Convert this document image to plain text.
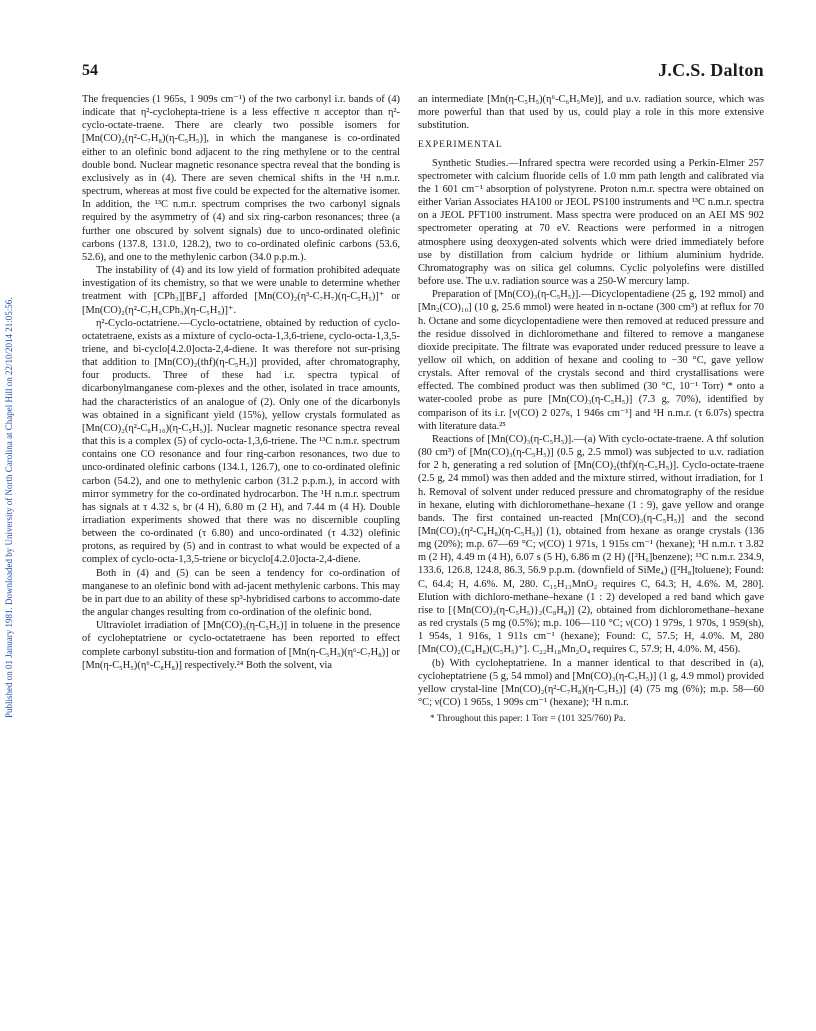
Published on 01 January 1981. Downloaded by University of North Carolina at Chapel Hill on 22/10/2014 21:05:56.
54	J.C.S. Dalton

The frequencies (1 965s, 1 909s cm⁻¹) of the two carbonyl i.r. bands of (4) indicate that η²-cyclohepta-triene is a less effective π acceptor than η²-cyclo-octate-traene. There are clearly two possible isomers for [Mn(CO)₂(η²-C₇H₈)(η-C₅H₅)], in which the manganese is co-ordinated either to an olefinic bond adjacent to the ring methylene or to the central double bond. Nuclear magnetic resonance spectra reveal that the bonding is exclusively as in (4). There are seven chemical shifts in the ¹H n.m.r. spectrum, whereas at most five could be expected for the alternative isomer. In addition, the ¹³C n.m.r. spectrum comprises the two carbonyl signals required by the asymmetry of (4) and six ring-carbon resonances; three (a further one obscured by solvent signals) due to unco-ordinated olefinic carbons (137.8, 131.0, 128.2), two to co-ordinated olefinic carbons (53.6, 52.6), and one to the methylenic carbon (34.0 p.p.m.).

The instability of (4) and its low yield of formation prohibited adequate investigation of its chemistry, so that we were unable to determine whether treatment with [CPh₃][BF₄] afforded [Mn(CO)₂(η³-C₇H₇)(η-C₅H₅)]⁺ or [Mn(CO)₂(η²-C₇H₆CPh₃)(η-C₅H₅)]⁺.

η²-Cyclo-octatriene.—Cyclo-octatriene, obtained by reduction of cyclo-octatetraene, exists as a mixture of cyclo-octa-1,3,6-triene, cyclo-octa-1,3,5-triene, and bi-cyclo[4.2.0]octa-2,4-diene. It was therefore not sur-prising that addition to [Mn(CO)₂(thf)(η-C₅H₅)] provided, after chromatography, four products. Three of these had i.r. spectra typical of dicarbonylmanganese com-plexes and the other, isolated in trace amounts, had the characteristics of an analogue of (2). Only one of the dicarbonyls was obtained in a significant yield (15%), yellow crystals formulated as [Mn(CO)₂(η²-C₈H₁₀)(η-C₅H₅)]. Nuclear magnetic resonance spectra reveal that this is a complex (5) of cyclo-octa-1,3,6-triene. The ¹³C n.m.r. spectrum contains one CO resonance and four ring-carbon resonances, two due to unco-ordinated olefinic carbons (134.1, 126.7), one to co-ordinated olefinic carbon (54.2), and one to methylenic carbon (31.2 p.p.m.), in accord with mirror symmetry for the co-ordinated hydrocarbon. The ¹H n.m.r. spectrum has signals at τ 4.32 s, br (4 H), 6.80 m (2 H), and 7.44 m (4 H). Double irradiation experiments showed that there was no discernible coupling between the co-ordinated (τ 6.80) and unco-ordinated (τ 4.32) olefinic protons, as required by (5) and in contrast to what would be expected of a complex of cyclo-octa-1,3,5-triene or bicyclo[4.2.0]octa-2,4-diene.

Both in (4) and (5) can be seen a tendency for co-ordination of manganese to an olefinic bond with ad-jacent methylenic carbons. This may be in part due to an ability of these sp³-hybridised carbons to accommo-date the angular changes resulting from co-ordination of the olefinic bond.

Ultraviolet irradiation of [Mn(CO)₃(η-C₅H₅)] in toluene in the presence of cycloheptatriene or cyclo-octatetraene has been reported to effect complete carbonyl substitu-tion and formation of [Mn(η-C₅H₅)(η⁶-C₇H₈)] or [Mn(η-C₅H₅)(η⁶-C₈H₈)] respectively.²⁴ Both the solvent, via

an intermediate [Mn(η-C₅H₅)(η⁶-C₆H₅Me)], and u.v. radiation source, which was more powerful than that used by us, could play a role in this more extensive substitution.

EXPERIMENTAL

Synthetic Studies.—Infrared spectra were recorded using a Perkin-Elmer 257 spectrometer with calcium fluoride cells of 1.0 mm path length and calibrated via the 1 601 cm⁻¹ absorption of polystyrene. Proton n.m.r. spectra were obtained on either Varian Associates HA100 or JEOL PS100 instruments and ¹³C n.m.r. spectra on a JEOL PFT100 instrument. Mass spectra were produced on an AEI MS 902 spectrometer operating at 70 eV. Reactions were performed in a nitrogen atmosphere using deoxygen-ated solvents which were dried immediately before use by distillation from calcium hydride or lithium aluminium hydride. Chromatography was on silica gel columns. Cyclic polyolefins were distilled before use. The u.v. radiation source was a 250-W mercury lamp.

Preparation of [Mn(CO)₃(η-C₅H₅)].—Dicyclopentadiene (25 g, 192 mmol) and [Mn₂(CO)₁₀] (10 g, 25.6 mmol) were heated in n-octane (300 cm³) at reflux for 70 h. Octane and some dicyclopentadiene were then removed at reduced pressure and the residue dissolved in dichloromethane and filtered to remove a manganese dioxide precipitate. The filtrate was evaporated under reduced pressure to leave a yellow oil which, on addition of hexane and cooling to −30 °C, gave yellow crystals. After removal of the crystals second and third crystallisations were effected. The combined product was then sublimed (30 °C, 10⁻¹ Torr) * onto a water-cooled probe as pure [Mn(CO)₃(η-C₅H₅)] (7.3 g, 70%), identified by comparison of its i.r. [ν(CO) 2 027s, 1 946s cm⁻¹] and ¹H n.m.r. (τ 6.07s) spectra with literature data.²⁵

Reactions of [Mn(CO)₃(η-C₅H₅)].—(a) With cyclo-octate-traene. A thf solution (80 cm³) of [Mn(CO)₃(η-C₅H₅)] (0.5 g, 2.5 mmol) was subjected to u.v. radiation for 2 h, generating a red solution of [Mn(CO)₂(thf)(η-C₅H₅)]. Cyclo-octate-traene (2.5 g, 24 mmol) was then added and the mixture stirred, without irradiation, for 1 h. Removal of solvent under reduced pressure and chromatography of the residue in hexane, eluting with dichloromethane–hexane (1 : 9), gave yellow and orange bands. The first contained un-reacted [Mn(CO)₃(η-C₅H₅)] and the second [Mn(CO)₂(η²-C₈H₈)(η-C₅H₅)] (1), obtained from hexane as orange crystals (136 mg (20%); m.p. 67—69 °C; ν(CO) 1 971s, 1 915s cm⁻¹ (hexane); ¹H n.m.r. τ 3.82 m (2 H), 4.49 m (4 H), 6.07 s (5 H), 6.86 m (2 H) ([²H₆]benzene); ¹³C n.m.r. 234.9, 133.6, 126.8, 124.8, 86.3, 56.9 p.p.m. (downfield of SiMe₄) ([²H₈]toluene); Found: C, 64.4; H, 4.6%. M, 280. C₁₅H₁₃MnO₂ requires C, 64.3; H, 4.6%. M, 280]. Elution with dichloro-methane–hexane (1 : 2) developed a red band which gave rise to [{Mn(CO)₂(η-C₅H₅)}₂(C₈H₈)] (2), obtained from dichloromethane–hexane as red crystals (5 mg (0.5%); m.p. 106—110 °C; ν(CO) 1 979s, 1 970s, 1 959(sh), 1 954s, 1 916s, 1 911s cm⁻¹ (hexane); Found: C, 57.5; H, 4.0%. M, 280 [Mn(CO)₂(C₈H₈)(C₅H₅)⁺]. C₂₂H₁₈Mn₂O₄ requires C, 57.9; H, 4.0%. M, 456).

(b) With cycloheptatriene. In a manner identical to that described in (a), cycloheptatriene (5 g, 54 mmol) and [Mn(CO)₃(η-C₅H₅)] (1 g, 4.9 mmol) provided yellow crystal-line [Mn(CO)₂(η²-C₇H₈)(η-C₅H₅)] (4) (75 mg (6%); m.p. 58—60 °C; ν(CO) 1 965s, 1 909s cm⁻¹ (hexane); ¹H n.m.r.

* Throughout this paper: 1 Torr = (101 325/760) Pa.
